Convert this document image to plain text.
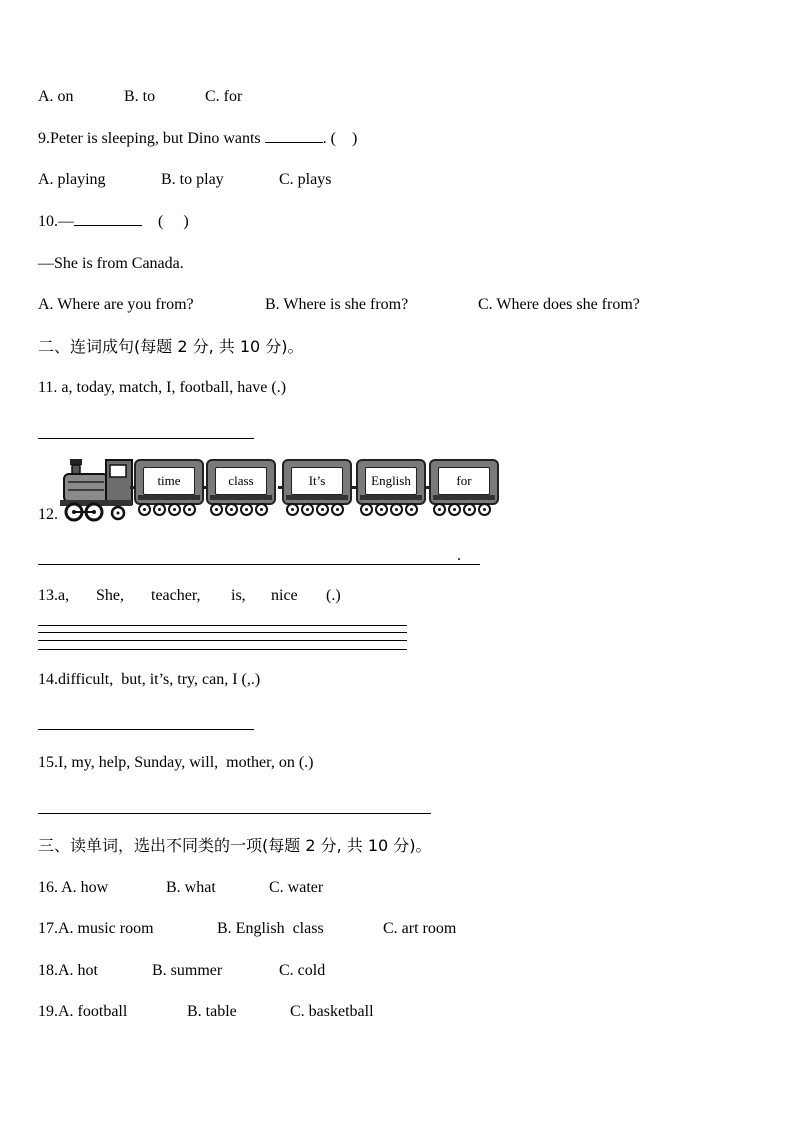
A. on	B. to	C. for
9.Peter is sleeping, but Dino wants	. (    )
A. playing	B. to play	C. plays
10.—	(     )
—She is from Canada.
A. Where are you from?	B. Where is she from?	C. Where does she from?
二、连词成句(每题 2 分, 共 10 分)。
11. a, today, match, I, football, have (.)
12.
time	class	It’s	English	for
.
13.a, She, teacher, is, nice (.)
14.difficult,  but, it’s, try, can, I (,.)
15.I, my, help, Sunday, will,  mother, on (.)
三、读单词，选出不同类的一项(每题 2 分, 共 10 分)。
16. A. how	B. what	C. water
17.A. music room	B. English  class	C. art room
18.A. hot	B. summer	C. cold
19.A. football	B. table	C. basketball
